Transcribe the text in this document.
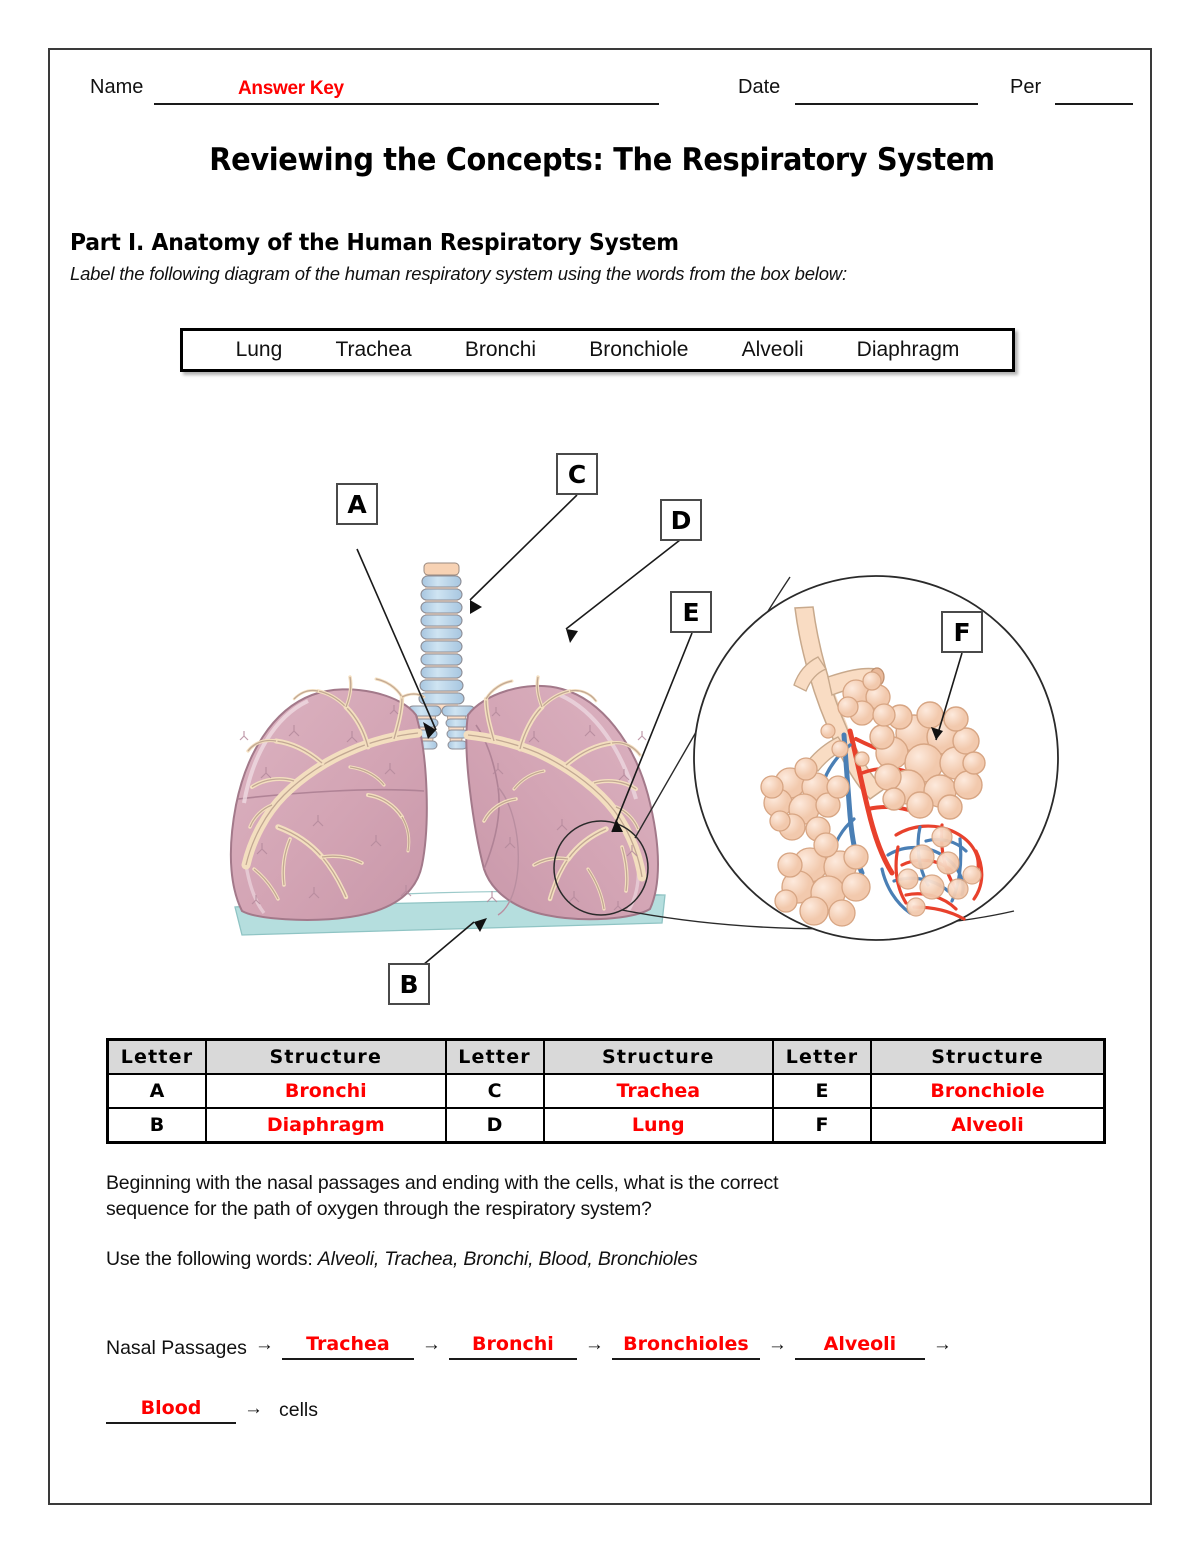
Name	Answer Key	Date	Per
Reviewing the Concepts: The Respiratory System
Part I. Anatomy of the Human Respiratory System
Label the following diagram of the human respiratory system using the words from the box below:
Lung	Trachea	Bronchi	Bronchiole	Alveoli	Diaphragm
A
B
C
D
E
F
Letter	Structure	Letter	Structure	Letter	Structure
A	Bronchi	C	Trachea	E	Bronchiole
B	Diaphragm	D	Lung	F	Alveoli
Beginning with the nasal passages and ending with the cells, what is the correct
sequence for the path of oxygen through the respiratory system?
Use the following words: Alveoli, Trachea, Bronchi, Blood, Bronchioles
Nasal Passages →	Trachea	→	Bronchi	→	Bronchioles	→	Alveoli	→
Blood	→ cells
